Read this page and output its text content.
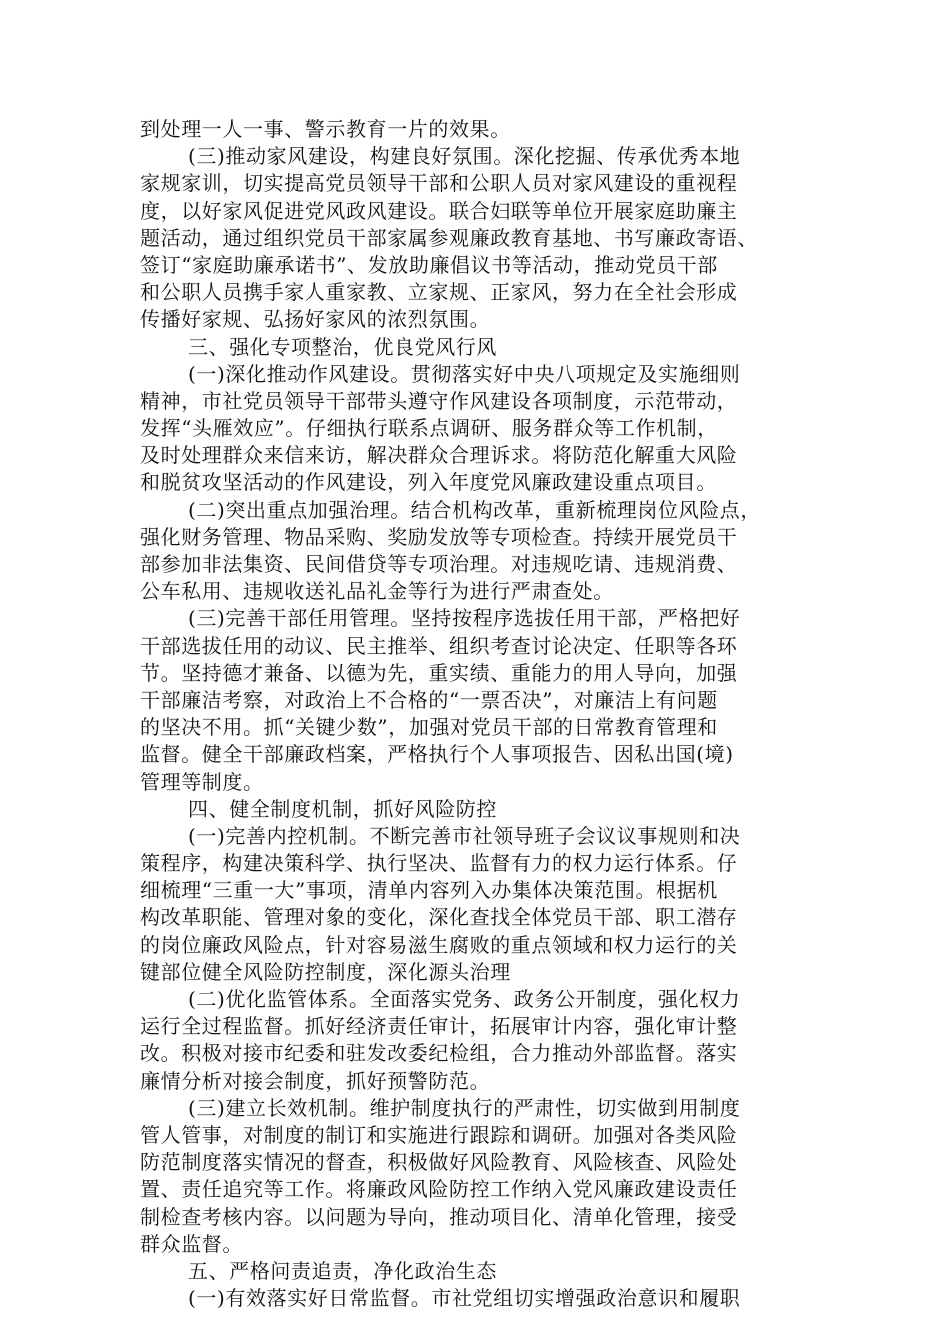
到处理一人一事、警示教育一片的效果。
(三)推动家风建设，构建良好氛围。深化挖掘、传承优秀本地
家规家训，切实提高党员领导干部和公职人员对家风建设的重视程
度，以好家风促进党风政风建设。联合妇联等单位开展家庭助廉主
题活动，通过组织党员干部家属参观廉政教育基地、书写廉政寄语、
签订“家庭助廉承诺书”、发放助廉倡议书等活动，推动党员干部
和公职人员携手家人重家教、立家规、正家风，努力在全社会形成
传播好家规、弘扬好家风的浓烈氛围。
三、强化专项整治，优良党风行风
(一)深化推动作风建设。贯彻落实好中央八项规定及实施细则
精神，市社党员领导干部带头遵守作风建设各项制度，示范带动，
发挥“头雁效应”。仔细执行联系点调研、服务群众等工作机制，
及时处理群众来信来访，解决群众合理诉求。将防范化解重大风险
和脱贫攻坚活动的作风建设，列入年度党风廉政建设重点项目。
(二)突出重点加强治理。结合机构改革，重新梳理岗位风险点，
强化财务管理、物品采购、奖励发放等专项检查。持续开展党员干
部参加非法集资、民间借贷等专项治理。对违规吃请、违规消费、
公车私用、违规收送礼品礼金等行为进行严肃查处。
(三)完善干部任用管理。坚持按程序选拔任用干部，严格把好
干部选拔任用的动议、民主推举、组织考查讨论决定、任职等各环
节。坚持德才兼备、以德为先，重实绩、重能力的用人导向，加强
干部廉洁考察，对政治上不合格的“一票否决”，对廉洁上有问题
的坚决不用。抓“关键少数”，加强对党员干部的日常教育管理和
监督。健全干部廉政档案，严格执行个人事项报告、因私出国(境)
管理等制度。
四、健全制度机制，抓好风险防控
(一)完善内控机制。不断完善市社领导班子会议议事规则和决
策程序，构建决策科学、执行坚决、监督有力的权力运行体系。仔
细梳理“三重一大”事项，清单内容列入办集体决策范围。根据机
构改革职能、管理对象的变化，深化查找全体党员干部、职工潜存
的岗位廉政风险点，针对容易滋生腐败的重点领域和权力运行的关
键部位健全风险防控制度，深化源头治理
(二)优化监管体系。全面落实党务、政务公开制度，强化权力
运行全过程监督。抓好经济责任审计，拓展审计内容，强化审计整
改。积极对接市纪委和驻发改委纪检组，合力推动外部监督。落实
廉情分析对接会制度，抓好预警防范。
(三)建立长效机制。维护制度执行的严肃性，切实做到用制度
管人管事，对制度的制订和实施进行跟踪和调研。加强对各类风险
防范制度落实情况的督查，积极做好风险教育、风险核查、风险处
置、责任追究等工作。将廉政风险防控工作纳入党风廉政建设责任
制检查考核内容。以问题为导向，推动项目化、清单化管理，接受
群众监督。
五、严格问责追责，净化政治生态
(一)有效落实好日常监督。市社党组切实增强政治意识和履职
